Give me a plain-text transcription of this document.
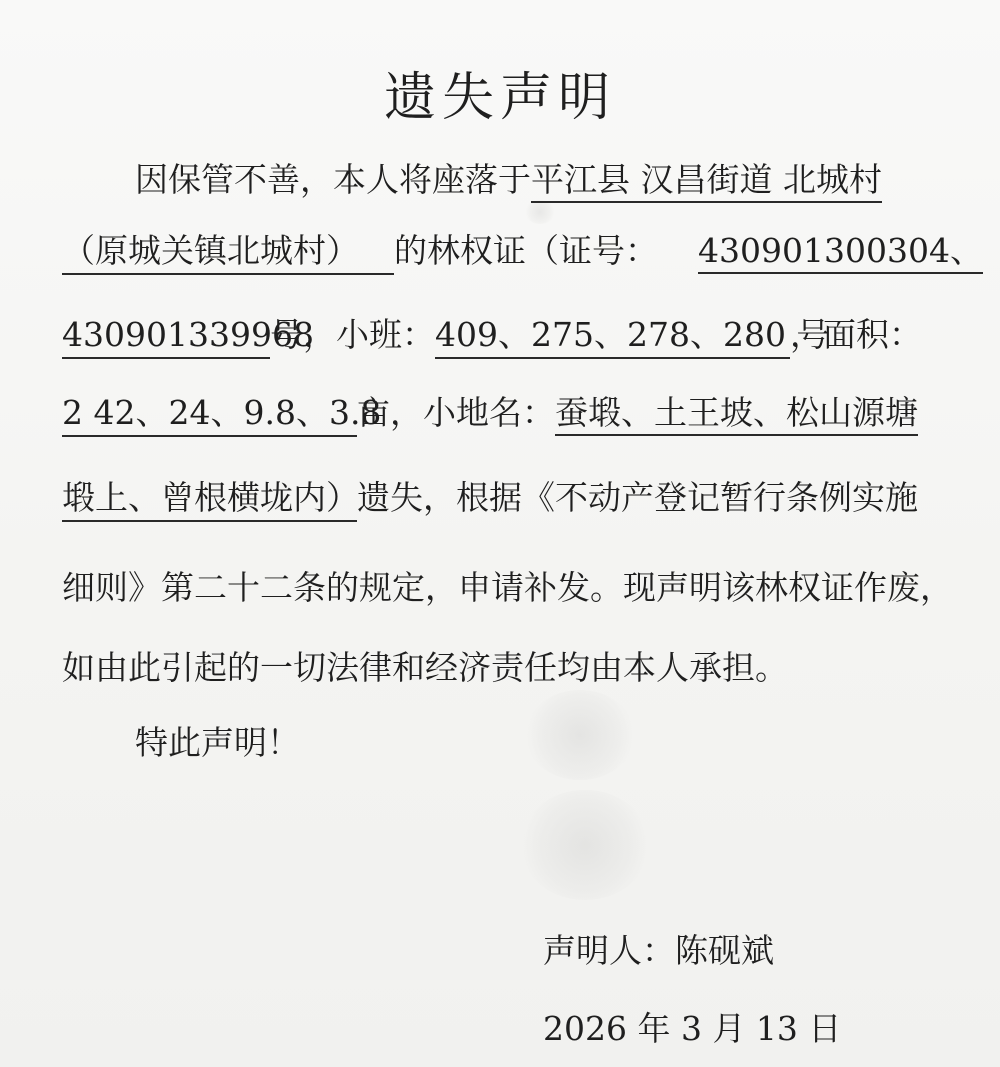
遗失声明
因保管不善，本人将座落于平江县 汉昌街道 北城村
（原城关镇北城村） 的林权证（证号： 430901300304、
430901339968号，小班：409、275、278、280 号，面积：
2 42、24、9.8、3.8亩，小地名：蚕塅、土王坡、松山源塘
塅上、曾根横垅内）遗失，根据《不动产登记暂行条例实施
细则》第二十二条的规定，申请补发。现声明该林权证作废，
如由此引起的一切法律和经济责任均由本人承担。
特此声明！
声明人：陈砚斌
2026 年 3 月 13 日
